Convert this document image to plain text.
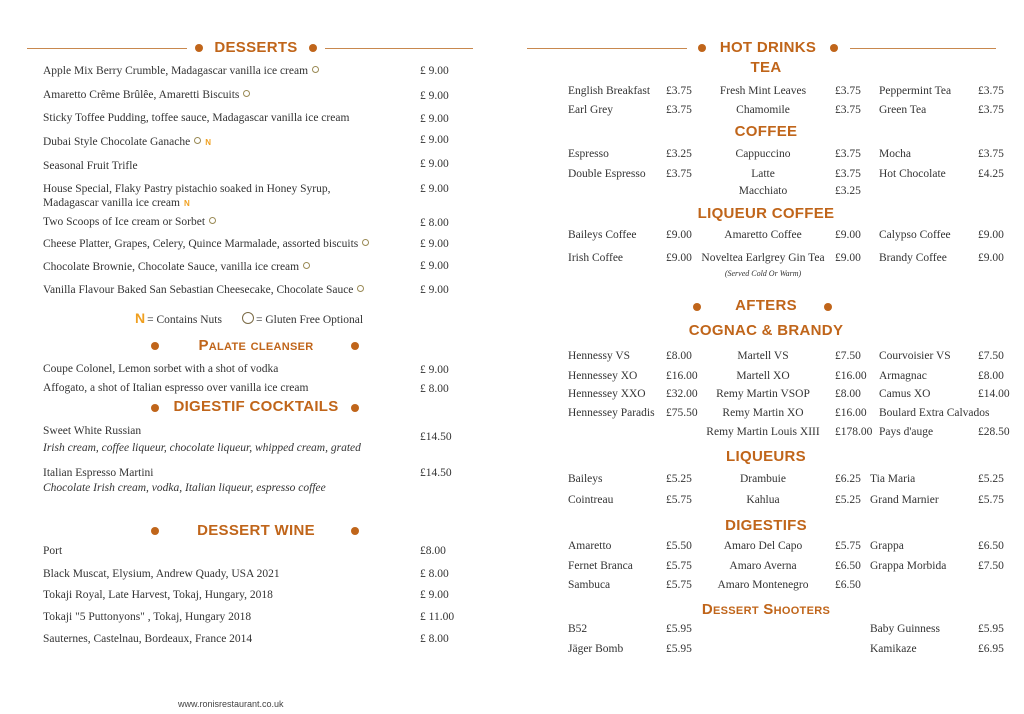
DESSERTS
Apple Mix Berry Crumble, Madagascar vanilla ice cream	£ 9.00
Amaretto Crême Brûlêe, Amaretti Biscuits	£ 9.00
Sticky Toffee Pudding, toffee sauce, Madagascar vanilla ice cream	£ 9.00
Dubai Style Chocolate Ganache N	£ 9.00
Seasonal Fruit Trifle	£ 9.00
House Special, Flaky Pastry pistachio soaked in Honey Syrup,
Madagascar vanilla ice cream N
£ 9.00
Two Scoops of Ice cream or Sorbet	£ 8.00
Cheese Platter, Grapes, Celery, Quince Marmalade, assorted biscuits	£ 9.00
Chocolate Brownie, Chocolate Sauce, vanilla ice cream	£ 9.00
Vanilla Flavour Baked San Sebastian Cheesecake, Chocolate Sauce	£ 9.00
N = Contains Nuts	= Gluten Free Optional
Palate cleanser
Coupe Colonel, Lemon sorbet with a shot of vodka	£ 9.00
Affogato, a shot of Italian espresso over vanilla ice cream	£ 8.00
DIGESTIF COCKTAILS
Sweet White Russian
Irish cream, coffee liqueur, chocolate liqueur, whipped cream, grated
£14.50
Italian Espresso Martini
Chocolate Irish cream, vodka, Italian liqueur, espresso coffee
£14.50
DESSERT WINE
Port	£8.00
Black Muscat, Elysium, Andrew Quady, USA 2021	£ 8.00
Tokaji Royal, Late Harvest, Tokaj, Hungary, 2018	£ 9.00
Tokaji "5 Puttonyons" , Tokaj, Hungary 2018	£ 11.00
Sauternes, Castelnau, Bordeaux, France 2014	£ 8.00
www.ronisrestaurant.co.uk
HOT DRINKS
AFTERS
TEA
English Breakfast £3.75	Fresh Mint Leaves	£3.75 Peppermint Tea £3.75
Earl Grey	£3.75	Chamomile	£3.75 Green Tea	£3.75
COFFEE
Espresso	£3.25	Cappuccino	£3.75 Mocha	£3.75
Double Espresso £3.75	Latte	£3.75 Hot Chocolate	£4.25
Macchiato	£3.25
LIQUEUR COFFEE
Baileys Coffee	£9.00	Amaretto Coffee	£9.00 Calypso Coffee £9.00
Irish Coffee	£9.00 Noveltea Earlgrey Gin Tea £9.00 Brandy Coffee	£9.00
(Served Cold Or Warm)
COGNAC & BRANDY
Hennessy VS	£8.00	Martell VS	£7.50 Courvoisier VS £7.50
Hennessey XO £16.00	Martell XO	£16.00 Armagnac	£8.00
Hennessey XXO £32.00	Remy Martin VSOP	£8.00 Camus XO	£14.00
Hennessey Paradis £75.50	Remy Martin XO	£16.00 Boulard Extra Calvados
Remy Martin Louis XIII	£178.00 Pays d'auge	£28.50
LIQUEURS
Baileys	£5.25	Drambuie	£6.25 Tia Maria	£5.25
Cointreau	£5.75	Kahlua	£5.25 Grand Marnier	£5.75
DIGESTIFS
Amaretto	£5.50	Amaro Del Capo	£5.75 Grappa	£6.50
Fernet Branca	£5.75	Amaro Averna	£6.50 Grappa Morbida	£7.50
Sambuca	£5.75	Amaro Montenegro	£6.50
Dessert Shooters
B52	£5.95	Baby Guinness	£5.95
Jäger Bomb	£5.95	Kamikaze	£6.95
